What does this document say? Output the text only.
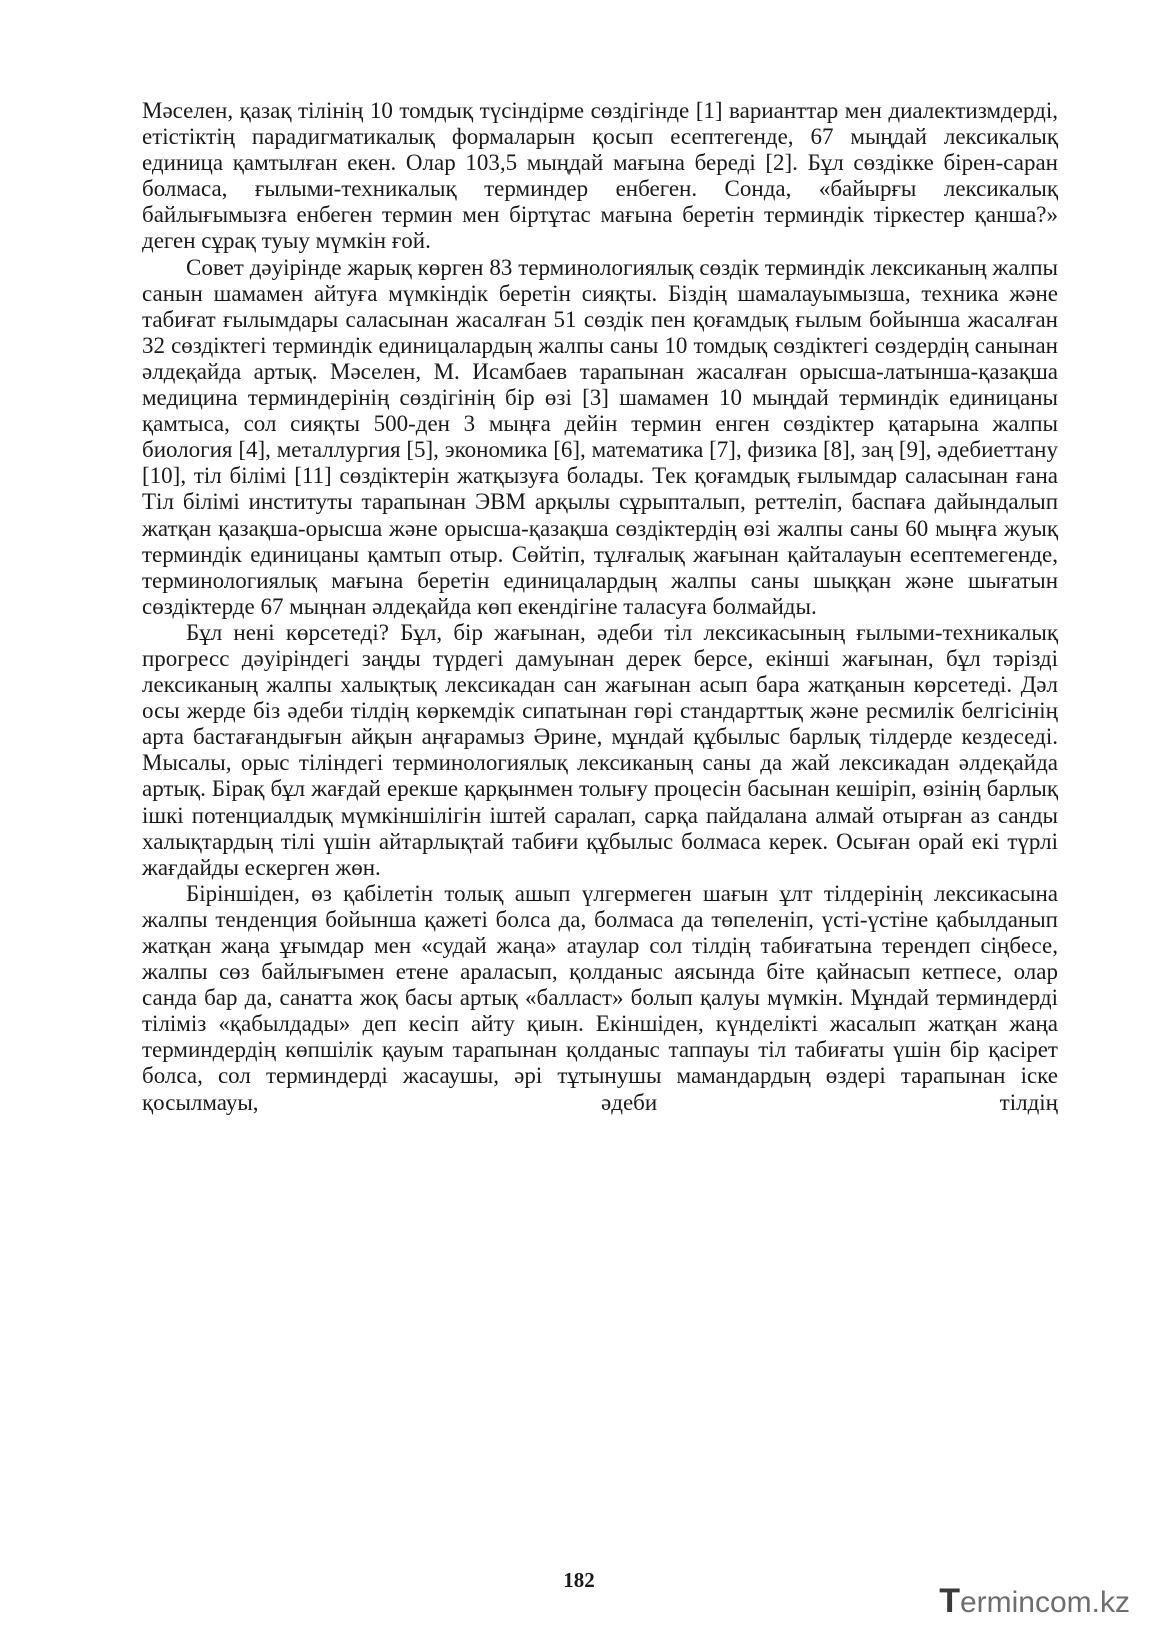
Мәселен, қазақ тілінің 10 томдық түсіндірме сөздігінде [1] варианттар мен диалектизмдерді, етістіктің парадигматикалық формаларын қосып есептегенде, 67 мыңдай лексикалық единица қамтылған екен. Олар 103,5 мыңдай мағына береді [2]. Бұл сөздікке бірен-саран болмаса, ғылыми-техникалық терминдер енбеген. Сонда, «байырғы лексикалық байлығымызға енбеген термин мен біртұтас мағына беретін терминдік тіркестер қанша?» деген сұрақ туыу мүмкін ғой.

Совет дәуірінде жарық көрген 83 терминологиялық сөздік терминдік лексиканың жалпы санын шамамен айтуға мүмкіндік беретін сияқты. Біздің шамалауымызша, техника және табиғат ғылымдары саласынан жасалған 51 сөздік пен қоғамдық ғылым бойынша жасалған 32 сөздіктегі терминдік единицалардың жалпы саны 10 томдық сөздіктегі сөздердің санынан әлдеқайда артық. Мәселен, М. Исамбаев тарапынан жасалған орысша-латынша-қазақша медицина терминдерінің сөздігінің бір өзі [3] шамамен 10 мыңдай терминдік единицаны қамтыса, сол сияқты 500-ден 3 мыңға дейін термин енген сөздіктер қатарына жалпы биология [4], металлургия [5], экономика [6], математика [7], физика [8], заң [9], әдебиеттану [10], тіл білімі [11] сөздіктерін жатқызуға болады. Тек қоғамдық ғылымдар саласынан ғана Тіл білімі институты тарапынан ЭВМ арқылы сұрыпталып, реттеліп, баспаға дайындалып жатқан қазақша-орысша және орысша-қазақша сөздіктердің өзі жалпы саны 60 мыңға жуық терминдік единицаны қамтып отыр. Сөйтіп, тұлғалық жағынан қайталауын есептемегенде, терминологиялық мағына беретін единицалардың жалпы саны шыққан және шығатын сөздіктерде 67 мыңнан әлдеқайда көп екендігіне таласуға болмайды.

Бұл нені көрсетеді? Бұл, бір жағынан, әдеби тіл лексикасының ғылыми-техникалық прогресс дәуіріндегі заңды түрдегі дамуынан дерек берсе, екінші жағынан, бұл тәрізді лексиканың жалпы халықтық лексикадан сан жағынан асып бара жатқанын көрсетеді. Дәл осы жерде біз әдеби тілдің көркемдік сипатынан гөрі стандарттық және ресмилік белгісінің арта бастағандығын айқын аңғарамыз Әрине, мұндай құбылыс барлық тілдерде кездеседі. Мысалы, орыс тіліндегі терминологиялық лексиканың саны да жай лексикадан әлдеқайда артық. Бірақ бұл жағдай ерекше қарқынмен толығу процесін басынан кешіріп, өзінің барлық ішкі потенциалдық мүмкіншілігін іштей саралап, сарқа пайдалана алмай отырған аз санды халықтардың тілі үшін айтарлықтай табиғи құбылыс болмаса керек. Осыған орай екі түрлі жағдайды ескерген жөн.

Біріншіден, өз қабілетін толық ашып үлгермеген шағын ұлт тілдерінің лексикасына жалпы тенденция бойынша қажеті болса да, болмаса да төпеленіп, үсті-үстіне қабылданып жатқан жаңа ұғымдар мен «судай жаңа» атаулар сол тілдің табиғатына терендеп сіңбесе, жалпы сөз байлығымен етене араласып, қолданыс аясында біте қайнасып кетпесе, олар санда бар да, санатта жоқ басы артық «балласт» болып қалуы мүмкін. Мұндай терминдерді тіліміз «қабылдады» деп кесіп айту қиын. Екіншіден, күнделікті жасалып жатқан жаңа терминдердің көпшілік қауым тарапынан қолданыс таппауы тіл табиғаты үшін бір қасірет болса, сол терминдерді жасаушы, әрі тұтынушы мамандардың өздері тарапынан іске қосылмауы, әдеби тілдің

182
Termincom.kz
